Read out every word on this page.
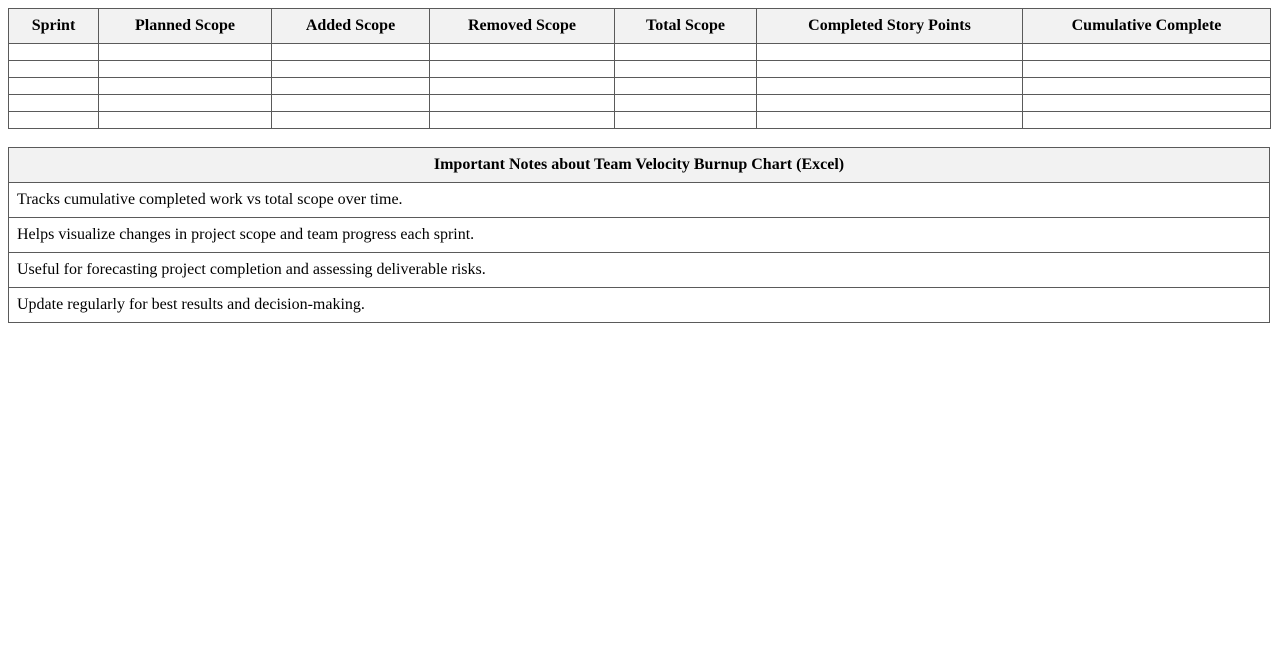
Sprint	Planned Scope	Added Scope	Removed Scope	Total Scope	Completed Story Points	Cumulative Complete

Important Notes about Team Velocity Burnup Chart (Excel)
Tracks cumulative completed work vs total scope over time.
Helps visualize changes in project scope and team progress each sprint.
Useful for forecasting project completion and assessing deliverable risks.
Update regularly for best results and decision-making.
